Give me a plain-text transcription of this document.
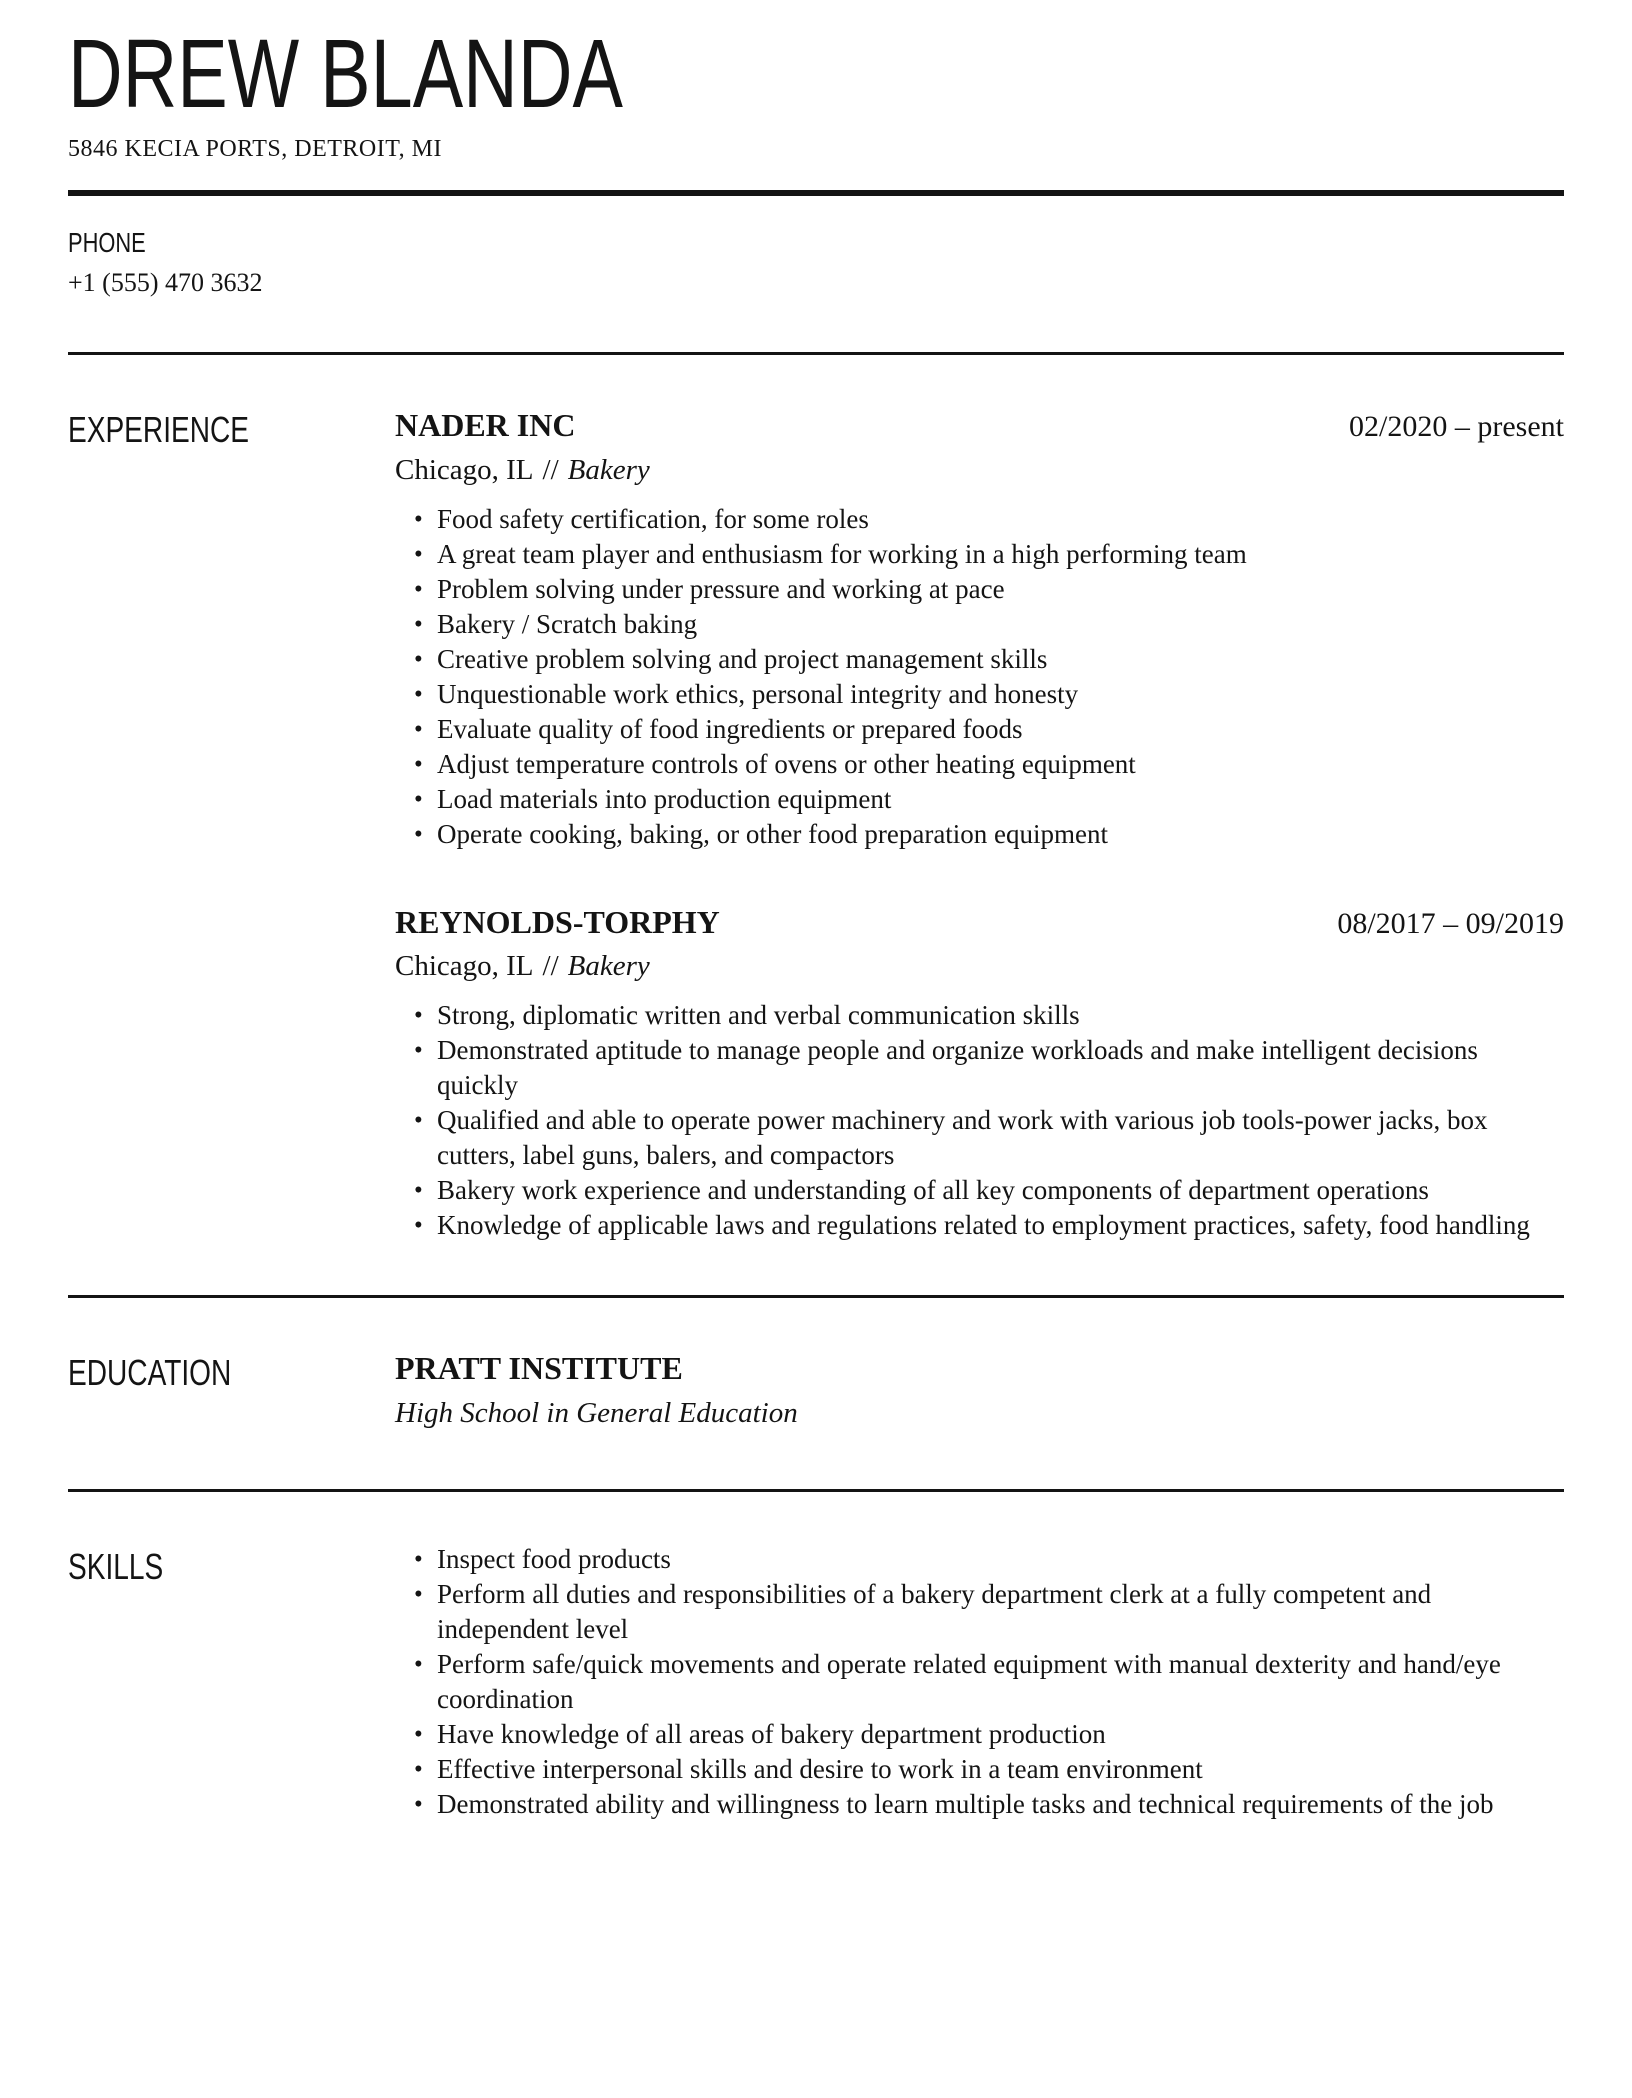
DREW BLANDA
5846 KECIA PORTS, DETROIT, MI
PHONE
+1 (555) 470 3632
EXPERIENCE	NADER INC	02/2020 – present
Chicago, IL // Bakery
• Food safety certification, for some roles
• A great team player and enthusiasm for working in a high performing team
• Problem solving under pressure and working at pace
• Bakery / Scratch baking
• Creative problem solving and project management skills
• Unquestionable work ethics, personal integrity and honesty
• Evaluate quality of food ingredients or prepared foods
• Adjust temperature controls of ovens or other heating equipment
• Load materials into production equipment
• Operate cooking, baking, or other food preparation equipment
REYNOLDS-TORPHY	08/2017 – 09/2019
Chicago, IL // Bakery
• Strong, diplomatic written and verbal communication skills
• Demonstrated aptitude to manage people and organize workloads and make intelligent decisions quickly
• Qualified and able to operate power machinery and work with various job tools-power jacks, box cutters, label guns, balers, and compactors
• Bakery work experience and understanding of all key components of department operations
• Knowledge of applicable laws and regulations related to employment practices, safety, food handling
EDUCATION	PRATT INSTITUTE
High School in General Education
SKILLS	• Inspect food products
• Perform all duties and responsibilities of a bakery department clerk at a fully competent and independent level
• Perform safe/quick movements and operate related equipment with manual dexterity and hand/eye coordination
• Have knowledge of all areas of bakery department production
• Effective interpersonal skills and desire to work in a team environment
• Demonstrated ability and willingness to learn multiple tasks and technical requirements of the job
